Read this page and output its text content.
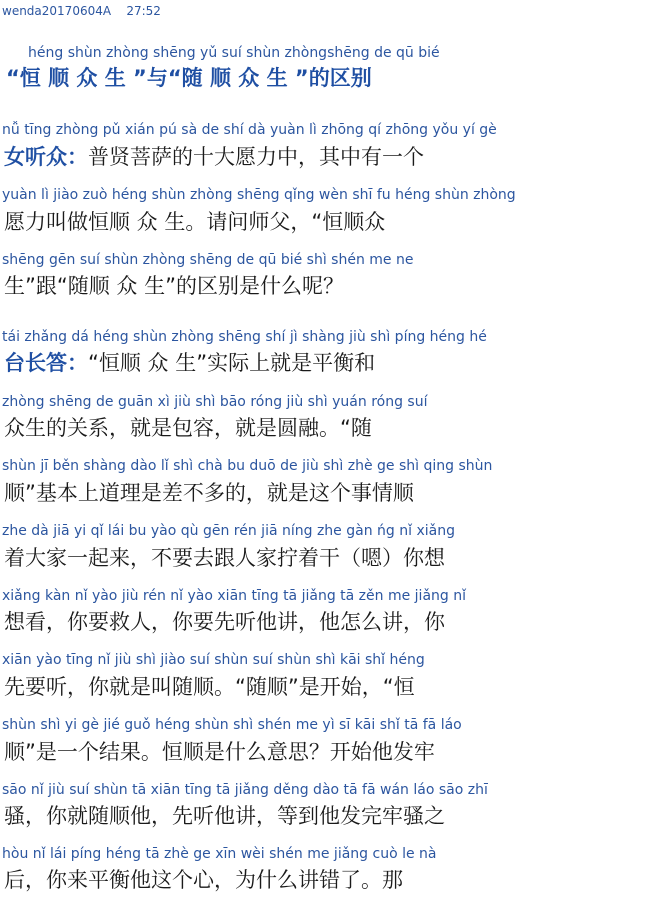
wenda20170604A 27:52
héng shùn zhòng shēng yǔ suí shùn zhòngshēng de qū bié
“恒 顺 众 生 ”与“随 顺 众 生 ”的区别
nǚ tīng zhòng pǔ xián pú sà de shí dà yuàn lì zhōng qí zhōng yǒu yí gè
女听众：普贤菩萨的十大愿力中，其中有一个
yuàn lì jiào zuò héng shùn zhòng shēng qǐng wèn shī fu héng shùn zhòng
愿力叫做恒顺 众 生。请问师父，“恒顺众
shēng gēn suí shùn zhòng shēng de qū bié shì shén me ne
生”跟“随顺 众 生”的区别是什么呢？
tái zhǎng dá héng shùn zhòng shēng shí jì shàng jiù shì píng héng hé
台长答：“恒顺 众 生”实际上就是平衡和
zhòng shēng de guān xì jiù shì bāo róng jiù shì yuán róng suí
众生的关系，就是包容，就是圆融。“随
shùn jī běn shàng dào lǐ shì chà bu duō de jiù shì zhè ge shì qing shùn
顺”基本上道理是差不多的，就是这个事情顺
zhe dà jiā yi qǐ lái bu yào qù gēn rén jiā níng zhe gàn ńg nǐ xiǎng
着大家一起来，不要去跟人家拧着干（嗯）你想
xiǎng kàn nǐ yào jiù rén nǐ yào xiān tīng tā jiǎng tā zěn me jiǎng nǐ
想看，你要救人，你要先听他讲，他怎么讲，你
xiān yào tīng nǐ jiù shì jiào suí shùn suí shùn shì kāi shǐ héng
先要听，你就是叫随顺。“随顺”是开始，“恒
shùn shì yi gè jié guǒ héng shùn shì shén me yì sī kāi shǐ tā fā láo
顺”是一个结果。恒顺是什么意思？开始他发牢
sāo nǐ jiù suí shùn tā xiān tīng tā jiǎng děng dào tā fā wán láo sāo zhī
骚，你就随顺他，先听他讲，等到他发完牢骚之
hòu nǐ lái píng héng tā zhè ge xīn wèi shén me jiǎng cuò le nà
后，你来平衡他这个心，为什么讲错了。那
